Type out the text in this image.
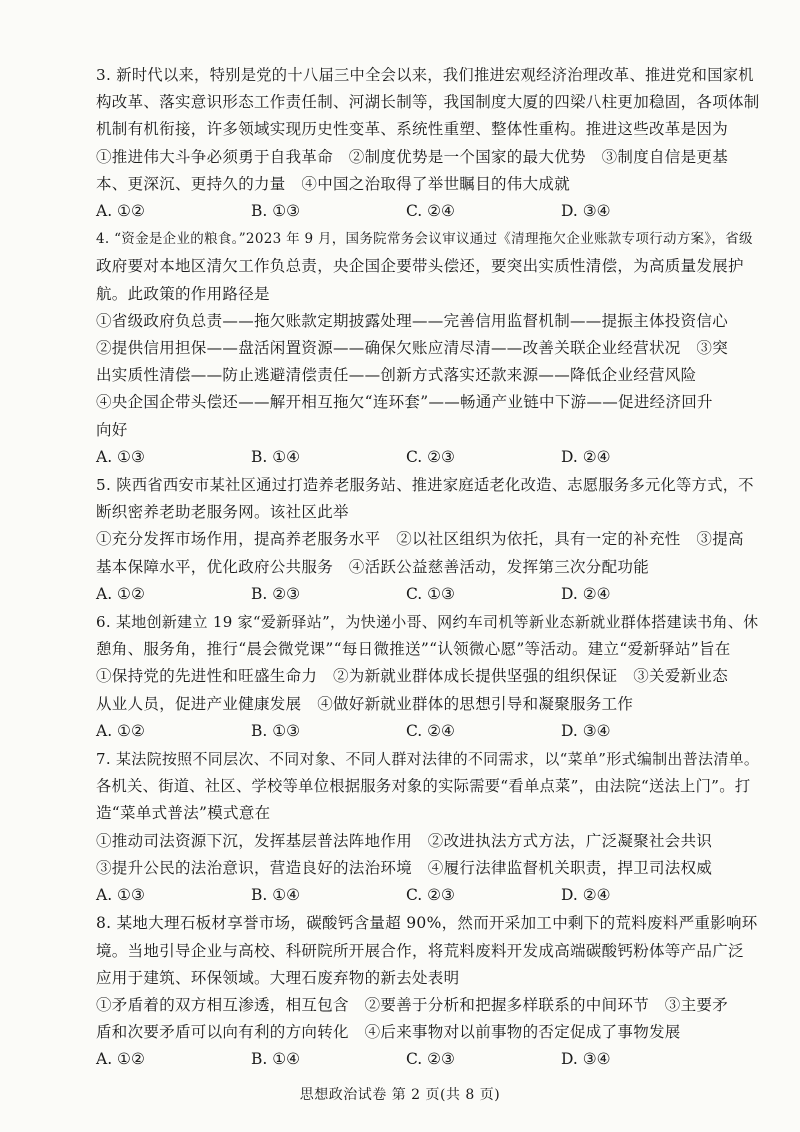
3. 新时代以来，特别是党的十八届三中全会以来，我们推进宏观经济治理改革、推进党和国家机
构改革、落实意识形态工作责任制、河湖长制等，我国制度大厦的四梁八柱更加稳固，各项体制
机制有机衔接，许多领域实现历史性变革、系统性重塑、整体性重构。推进这些改革是因为
①推进伟大斗争必须勇于自我革命　②制度优势是一个国家的最大优势　③制度自信是更基
本、更深沉、更持久的力量　④中国之治取得了举世瞩目的伟大成就
A. ①②	B. ①③	C. ②④	D. ③④
4. “资金是企业的粮食。”2023 年 9 月，国务院常务会议审议通过《清理拖欠企业账款专项行动方案》，省级
政府要对本地区清欠工作负总责，央企国企要带头偿还，要突出实质性清偿，为高质量发展护
航。此政策的作用路径是
①省级政府负总责——拖欠账款定期披露处理——完善信用监督机制——提振主体投资信心
②提供信用担保——盘活闲置资源——确保欠账应清尽清——改善关联企业经营状况　③突
出实质性清偿——防止逃避清偿责任——创新方式落实还款来源——降低企业经营风险
④央企国企带头偿还——解开相互拖欠“连环套”——畅通产业链中下游——促进经济回升
向好
A. ①③	B. ①④	C. ②③	D. ②④
5. 陕西省西安市某社区通过打造养老服务站、推进家庭适老化改造、志愿服务多元化等方式，不
断织密养老助老服务网。该社区此举
①充分发挥市场作用，提高养老服务水平　②以社区组织为依托，具有一定的补充性　③提高
基本保障水平，优化政府公共服务　④活跃公益慈善活动，发挥第三次分配功能
A. ①②	B. ②③	C. ①③	D. ②④
6. 某地创新建立 19 家“爱新驿站”，为快递小哥、网约车司机等新业态新就业群体搭建读书角、休
憩角、服务角，推行“晨会微党课”“每日微推送”“认领微心愿”等活动。建立“爱新驿站”旨在
①保持党的先进性和旺盛生命力　②为新就业群体成长提供坚强的组织保证　③关爱新业态
从业人员，促进产业健康发展　④做好新就业群体的思想引导和凝聚服务工作
A. ①②	B. ①③	C. ②④	D. ③④
7. 某法院按照不同层次、不同对象、不同人群对法律的不同需求，以“菜单”形式编制出普法清单。
各机关、街道、社区、学校等单位根据服务对象的实际需要“看单点菜”，由法院“送法上门”。打
造“菜单式普法”模式意在
①推动司法资源下沉，发挥基层普法阵地作用　②改进执法方式方法，广泛凝聚社会共识
③提升公民的法治意识，营造良好的法治环境　④履行法律监督机关职责，捍卫司法权威
A. ①③	B. ①④	C. ②③	D. ②④
8. 某地大理石板材享誉市场，碳酸钙含量超 90%，然而开采加工中剩下的荒料废料严重影响环
境。当地引导企业与高校、科研院所开展合作，将荒料废料开发成高端碳酸钙粉体等产品广泛
应用于建筑、环保领域。大理石废弃物的新去处表明
①矛盾着的双方相互渗透，相互包含　②要善于分析和把握多样联系的中间环节　③主要矛
盾和次要矛盾可以向有利的方向转化　④后来事物对以前事物的否定促成了事物发展
A. ①②	B. ①④	C. ②③	D. ③④
思想政治试卷 第 2 页(共 8 页)
